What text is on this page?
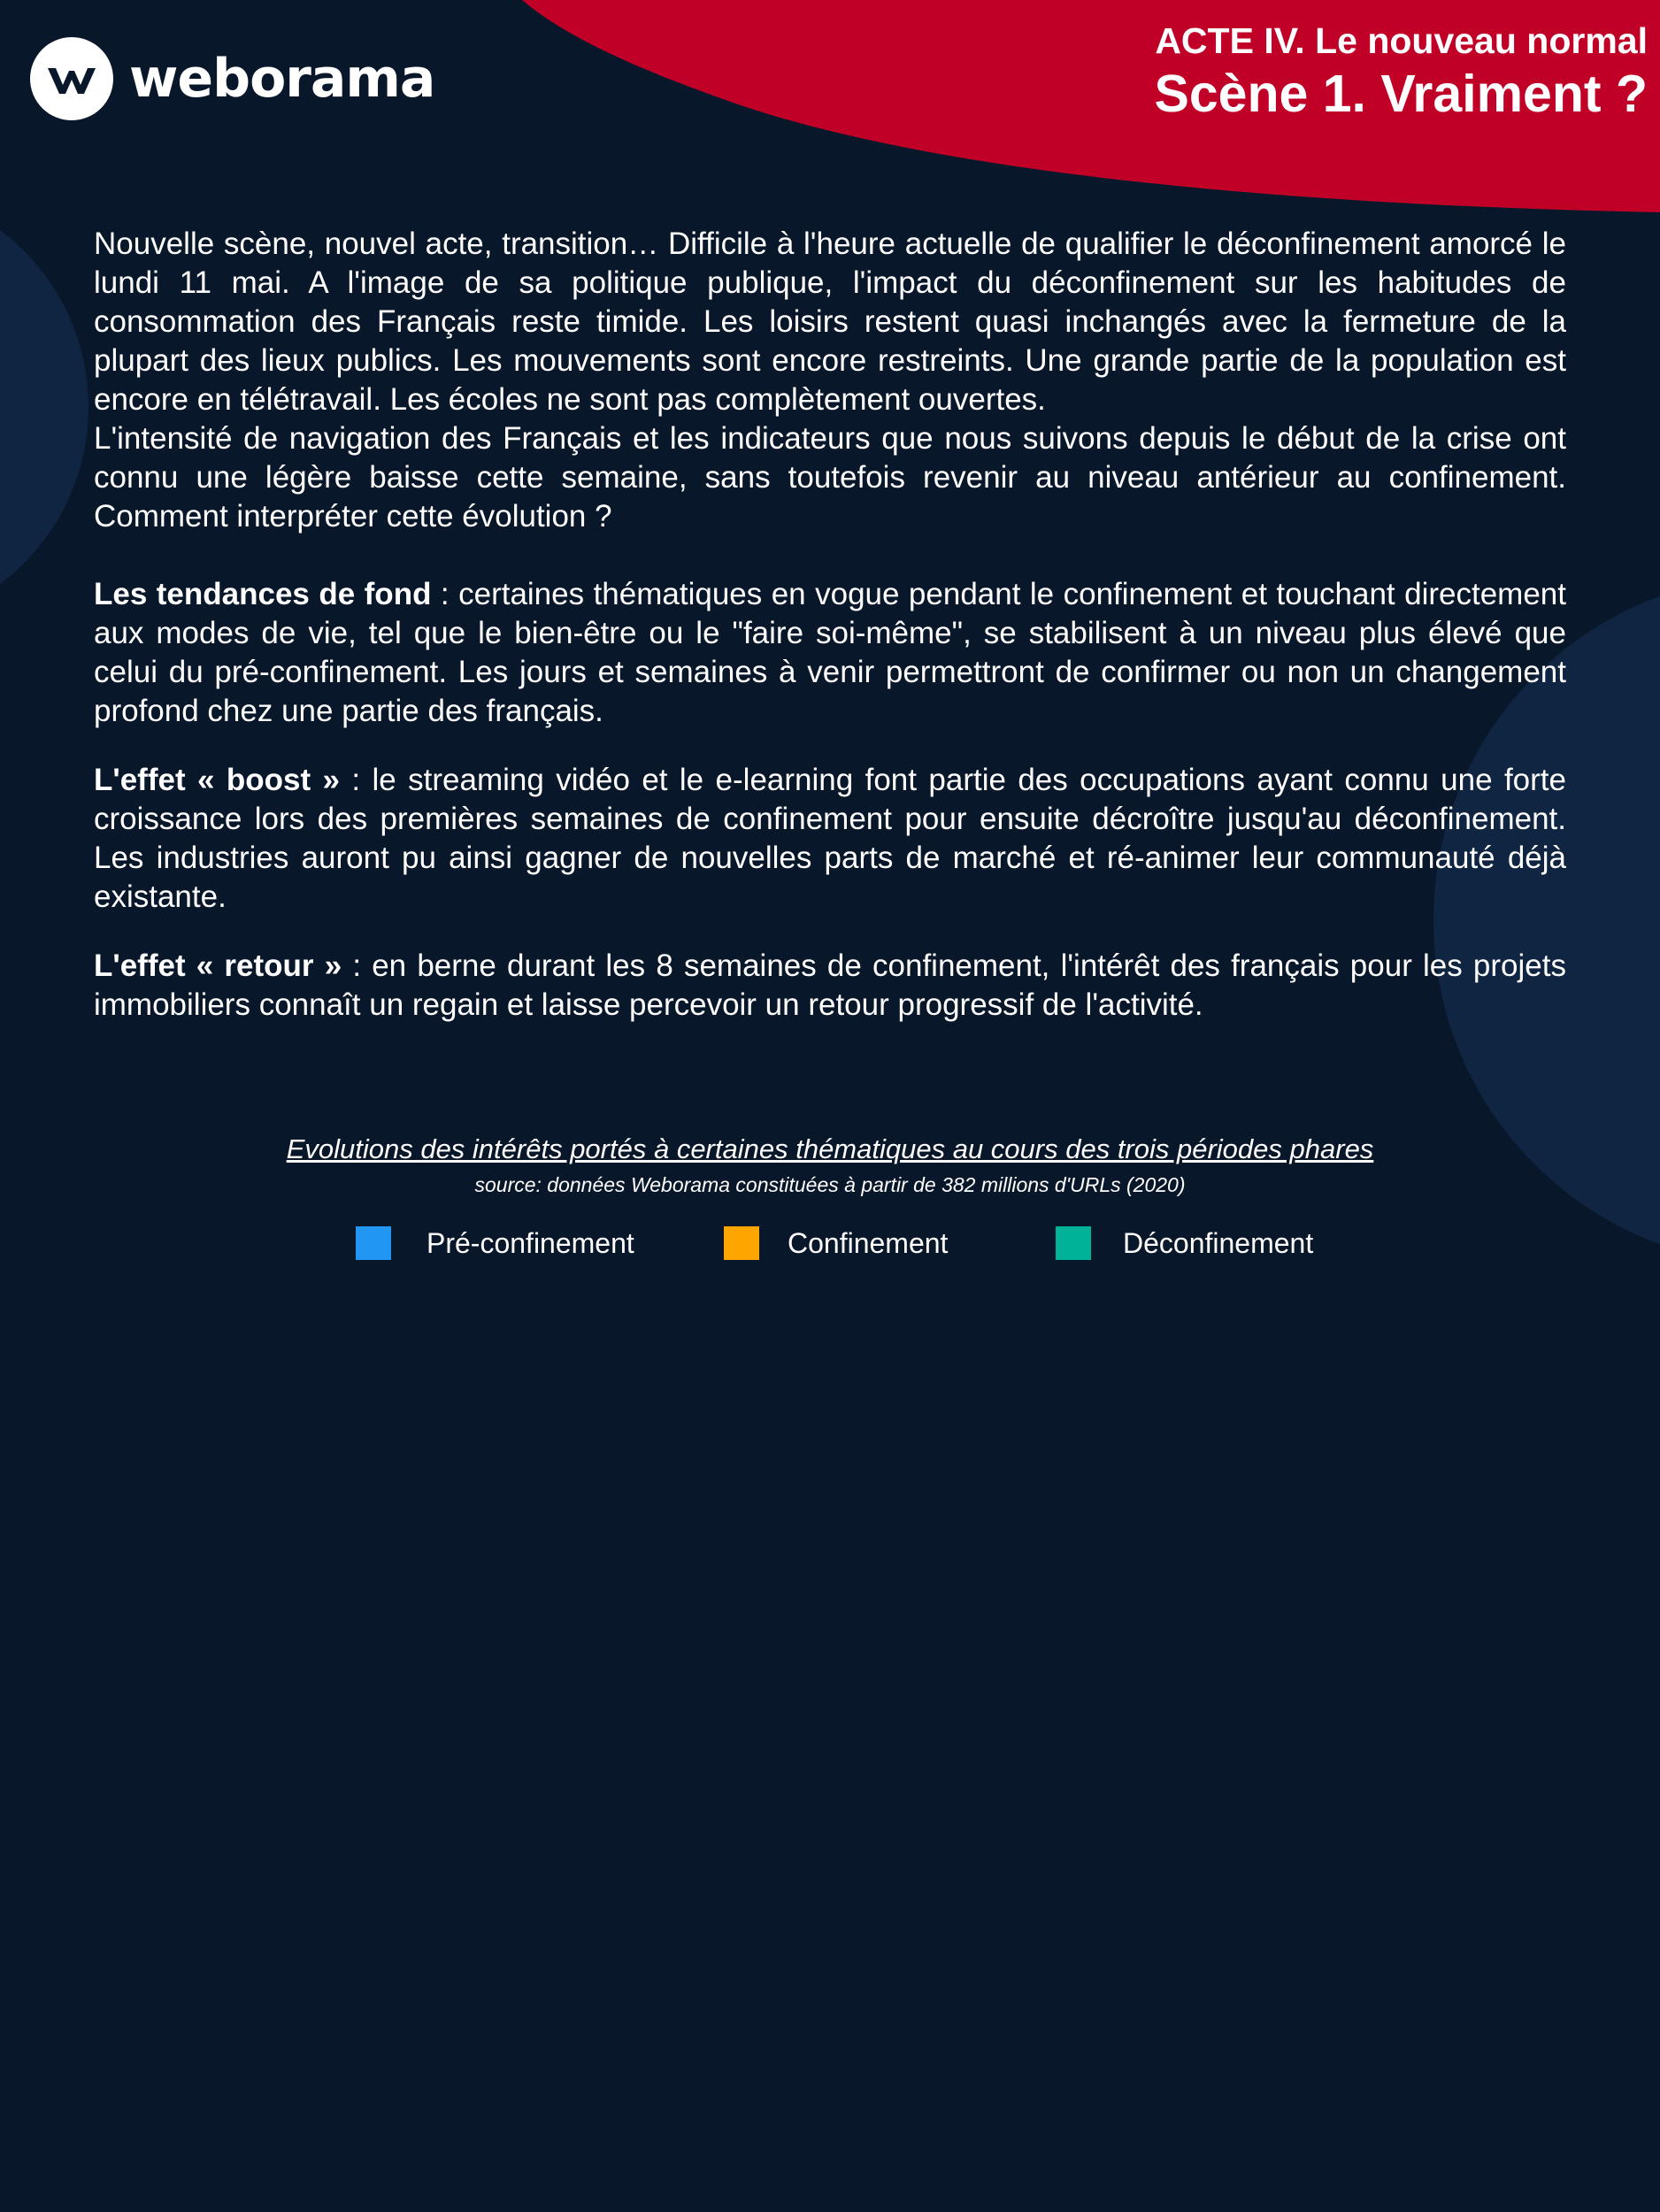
weborama
ACTE IV. Le nouveau normal
Scène 1. Vraiment ?

Nouvelle scène, nouvel acte, transition… Difficile à l'heure actuelle de qualifier le déconfinement amorcé le lundi 11 mai. A l'image de sa politique publique, l'impact du déconfinement sur les habitudes de consommation des Français reste timide. Les loisirs restent quasi inchangés avec la fermeture de la plupart des lieux publics. Les mouvements sont encore restreints. Une grande partie de la population est encore en télétravail. Les écoles ne sont pas complètement ouvertes.

L'intensité de navigation des Français et les indicateurs que nous suivons depuis le début de la crise ont connu une légère baisse cette semaine, sans toutefois revenir au niveau antérieur au confinement. Comment interpréter cette évolution ?

Les tendances de fond : certaines thématiques en vogue pendant le confinement et touchant directement aux modes de vie, tel que le bien-être ou le "faire soi-même", se stabilisent à un niveau plus élevé que celui du pré-confinement. Les jours et semaines à venir permettront de confirmer ou non un changement profond chez une partie des français.

L'effet « boost » : le streaming vidéo et le e-learning font partie des occupations ayant connu une forte croissance lors des premières semaines de confinement pour ensuite décroître jusqu'au déconfinement. Les industries auront pu ainsi gagner de nouvelles parts de marché et ré-animer leur communauté déjà existante.

L'effet « retour » : en berne durant les 8 semaines de confinement, l'intérêt des français pour les projets immobiliers connaît un regain et laisse percevoir un retour progressif de l'activité.

Evolutions des intérêts portés à certaines thématiques au cours des trois périodes phares
source: données Weborama constituées à partir de 382 millions d'URLs (2020)
Pré-confinement	Confinement	Déconfinement
